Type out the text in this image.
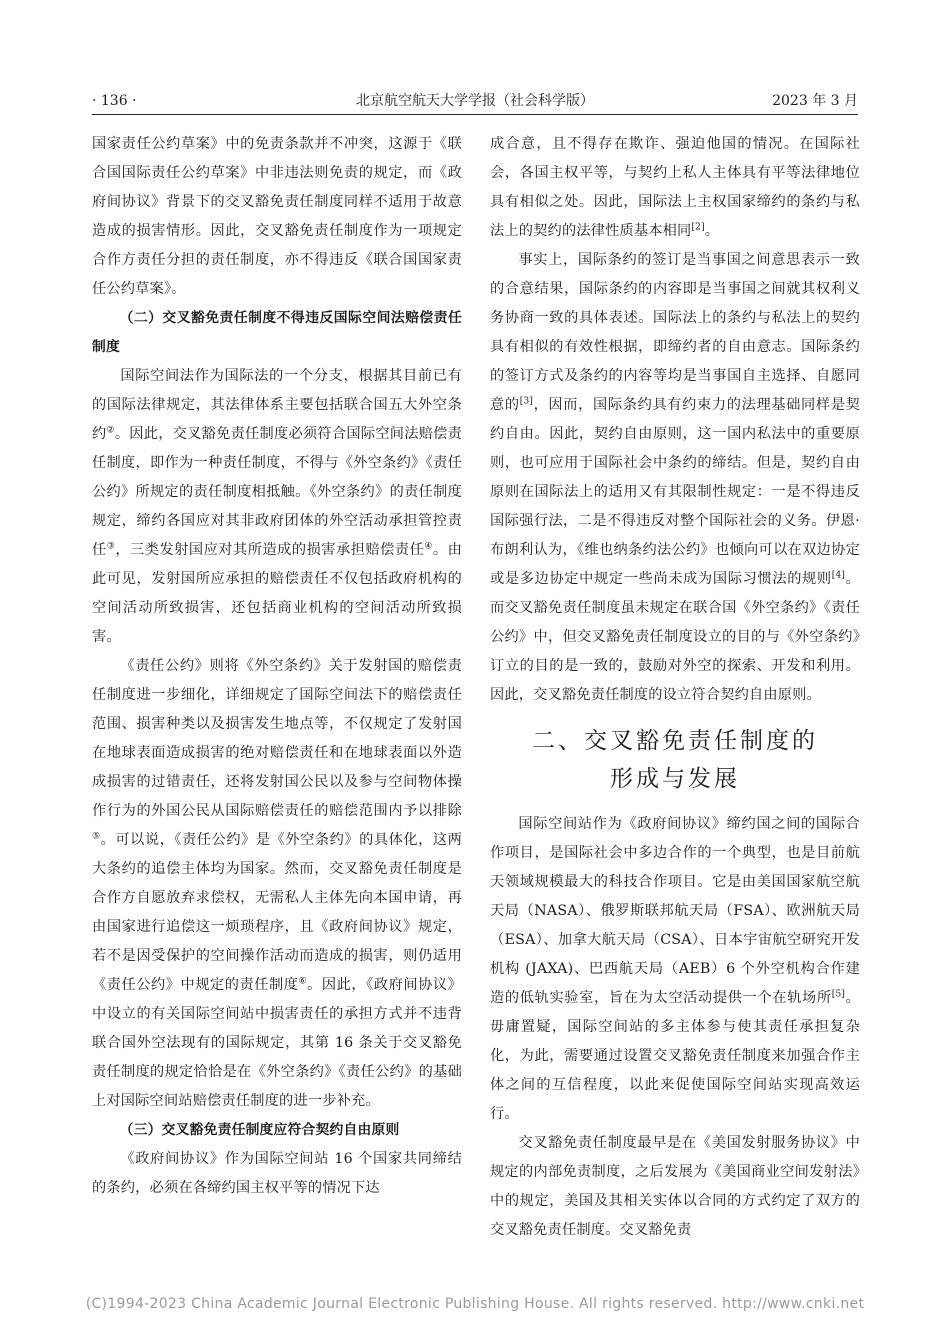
北京航空航天大学学报（社会科学版）
· 136 ·	2023 年 3 月

国家责任公约草案》中的免责条款并不冲突，这源于《联合国国际责任公约草案》中非违法则免责的规定，而《政府间协议》背景下的交叉豁免责任制度同样不适用于故意造成的损害情形。因此，交叉豁免责任制度作为一项规定合作方责任分担的责任制度，亦不得违反《联合国国家责任公约草案》。

（二）交叉豁免责任制度不得违反国际空间法赔偿责任制度

国际空间法作为国际法的一个分支，根据其目前已有的国际法律规定，其法律体系主要包括联合国五大外空条约②。因此，交叉豁免责任制度必须符合国际空间法赔偿责任制度，即作为一种责任制度，不得与《外空条约》《责任公约》所规定的责任制度相抵触。《外空条约》的责任制度规定，缔约各国应对其非政府团体的外空活动承担管控责任③，三类发射国应对其所造成的损害承担赔偿责任④。由此可见，发射国所应承担的赔偿责任不仅包括政府机构的空间活动所致损害，还包括商业机构的空间活动所致损害。

《责任公约》则将《外空条约》关于发射国的赔偿责任制度进一步细化，详细规定了国际空间法下的赔偿责任范围、损害种类以及损害发生地点等，不仅规定了发射国在地球表面造成损害的绝对赔偿责任和在地球表面以外造成损害的过错责任，还将发射国公民以及参与空间物体操作行为的外国公民从国际赔偿责任的赔偿范围内予以排除⑤。可以说，《责任公约》是《外空条约》的具体化，这两大条约的追偿主体均为国家。然而，交叉豁免责任制度是合作方自愿放弃求偿权，无需私人主体先向本国申请，再由国家进行追偿这一烦琐程序，且《政府间协议》规定，若不是因受保护的空间操作活动而造成的损害，则仍适用《责任公约》中规定的责任制度⑥。因此，《政府间协议》中设立的有关国际空间站中损害责任的承担方式并不违背联合国外空法现有的国际规定，其第 16 条关于交叉豁免责任制度的规定恰恰是在《外空条约》《责任公约》的基础上对国际空间站赔偿责任制度的进一步补充。

（三）交叉豁免责任制度应符合契约自由原则

《政府间协议》作为国际空间站 16 个国家共同缔结的条约，必须在各缔约国主权平等的情况下达

成合意，且不得存在欺诈、强迫他国的情况。在国际社会，各国主权平等，与契约上私人主体具有平等法律地位具有相似之处。因此，国际法上主权国家缔约的条约与私法上的契约的法律性质基本相同[2]。

事实上，国际条约的签订是当事国之间意思表示一致的合意结果，国际条约的内容即是当事国之间就其权利义务协商一致的具体表述。国际法上的条约与私法上的契约具有相似的有效性根据，即缔约者的自由意志。国际条约的签订方式及条约的内容等均是当事国自主选择、自愿同意的[3]，因而，国际条约具有约束力的法理基础同样是契约自由。因此，契约自由原则，这一国内私法中的重要原则，也可应用于国际社会中条约的缔结。但是，契约自由原则在国际法上的适用又有其限制性规定：一是不得违反国际强行法，二是不得违反对整个国际社会的义务。伊恩·布朗利认为，《维也纳条约法公约》也倾向可以在双边协定或是多边协定中规定一些尚未成为国际习惯法的规则[4]。而交叉豁免责任制度虽未规定在联合国《外空条约》《责任公约》中，但交叉豁免责任制度设立的目的与《外空条约》订立的目的是一致的，鼓励对外空的探索、开发和利用。因此，交叉豁免责任制度的设立符合契约自由原则。

二、交叉豁免责任制度的
形成与发展

国际空间站作为《政府间协议》缔约国之间的国际合作项目，是国际社会中多边合作的一个典型，也是目前航天领域规模最大的科技合作项目。它是由美国国家航空航天局（NASA）、俄罗斯联邦航天局（FSA）、欧洲航天局（ESA）、加拿大航天局（CSA）、日本宇宙航空研究开发机构 (JAXA)、巴西航天局（AEB）6 个外空机构合作建造的低轨实验室，旨在为太空活动提供一个在轨场所[5]。毋庸置疑，国际空间站的多主体参与使其责任承担复杂化，为此，需要通过设置交叉豁免责任制度来加强合作主体之间的互信程度，以此来促使国际空间站实现高效运行。

交叉豁免责任制度最早是在《美国发射服务协议》中规定的内部免责制度，之后发展为《美国商业空间发射法》中的规定，美国及其相关实体以合同的方式约定了双方的交叉豁免责任制度。交叉豁免责

(C)1994-2023 China Academic Journal Electronic Publishing House. All rights reserved. http://www.cnki.net
